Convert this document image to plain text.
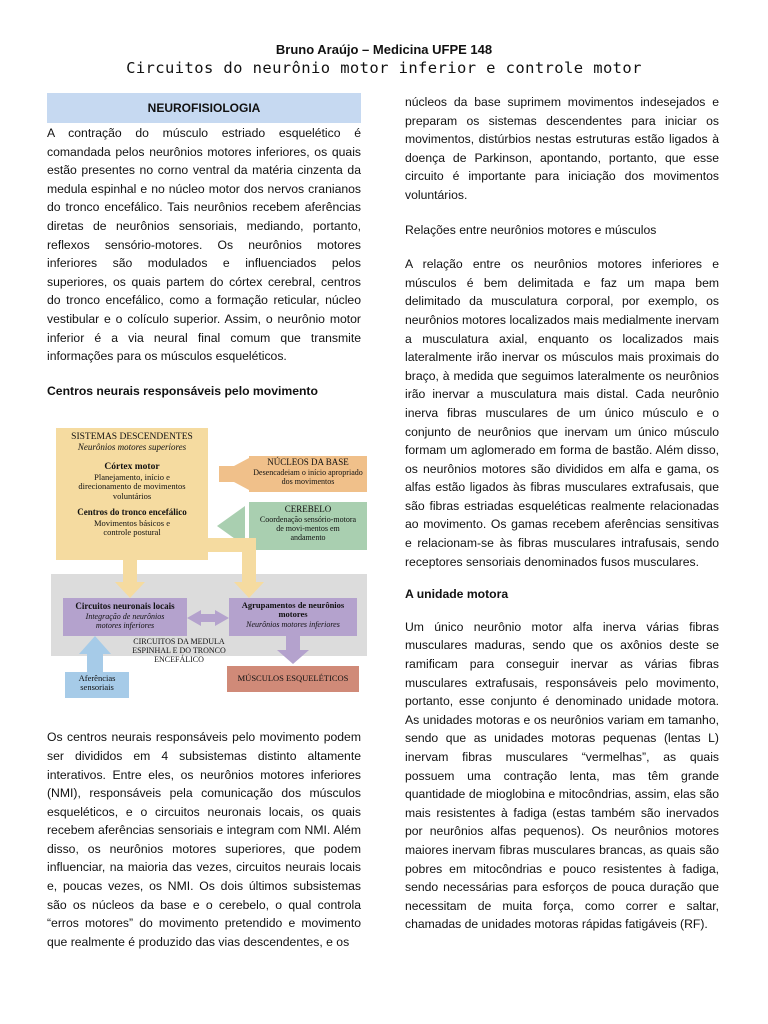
Bruno Araújo – Medicina UFPE 148
Circuitos do neurônio motor inferior e controle motor
NEUROFISIOLOGIA

A contração do músculo estriado esquelético é comandada pelos neurônios motores inferiores, os quais estão presentes no corno ventral da matéria cinzenta da medula espinhal e no núcleo motor dos nervos cranianos do tronco encefálico. Tais neurônios recebem aferências diretas de neurônios sensoriais, mediando, portanto, reflexos sensório-motores. Os neurônios motores inferiores são modulados e influenciados pelos superiores, os quais partem do córtex cerebral, centros do tronco encefálico, como a formação reticular, núcleo vestibular e o colículo superior. Assim, o neurônio motor inferior é a via neural final comum que transmite informações para os músculos esqueléticos.

Centros neurais responsáveis pelo movimento

SISTEMAS DESCENDENTES
Neurônios motores superiores
Córtex motor
Planejamento, início e direcionamento de movimentos voluntários
Centros do tronco encefálico
Movimentos básicos e controle postural
NÚCLEOS DA BASE
Desencadeiam o início apropriado dos movimentos
CEREBELO
Coordenação sensório-motora de movi-mentos em andamento
Circuitos neuronais locais
Integração de neurônios motores inferiores
Agrupamentos de neurônios motores
Neurônios motores inferiores
CIRCUITOS DA MEDULA ESPINHAL E DO TRONCO ENCEFÁLICO
Aferências sensoriais
MÚSCULOS ESQUELÉTICOS

Os centros neurais responsáveis pelo movimento podem ser divididos em 4 subsistemas distinto altamente interativos. Entre eles, os neurônios motores inferiores (NMI), responsáveis pela comunicação dos músculos esqueléticos, e o circuitos neuronais locais, os quais recebem aferências sensoriais e integram com NMI. Além disso, os neurônios motores superiores, que podem influenciar, na maioria das vezes, circuitos neurais locais e, poucas vezes, os NMI. Os dois últimos subsistemas são os núcleos da base e o cerebelo, o qual controla “erros motores” do movimento pretendido e movimento que realmente é produzido das vias descendentes, e os

núcleos da base suprimem movimentos indesejados e preparam os sistemas descendentes para iniciar os movimentos, distúrbios nestas estruturas estão ligados à doença de Parkinson, apontando, portanto, que esse circuito é importante para iniciação dos movimentos voluntários.

Relações entre neurônios motores e músculos

A relação entre os neurônios motores inferiores e músculos é bem delimitada e faz um mapa bem delimitado da musculatura corporal, por exemplo, os neurônios motores localizados mais medialmente inervam a musculatura axial, enquanto os localizados mais lateralmente irão inervar os músculos mais proximais do braço, à medida que seguimos lateralmente os neurônios irão inervar a musculatura mais distal. Cada neurônio inerva fibras musculares de um único músculo e o conjunto de neurônios que inervam um único músculo formam um aglomerado em forma de bastão. Além disso, os neurônios motores são divididos em alfa e gama, os alfas estão ligados às fibras musculares extrafusais, que são fibras estriadas esqueléticas realmente relacionadas ao movimento. Os gamas recebem aferências sensitivas e relacionam-se às fibras musculares intrafusais, sendo receptores sensoriais denominados fusos musculares.

A unidade motora

Um único neurônio motor alfa inerva várias fibras musculares maduras, sendo que os axônios deste se ramificam para conseguir inervar as várias fibras musculares extrafusais, responsáveis pelo movimento, portanto, esse conjunto é denominado unidade motora. As unidades motoras e os neurônios variam em tamanho, sendo que as unidades motoras pequenas (lentas L) inervam fibras musculares “vermelhas”, as quais possuem uma contração lenta, mas têm grande quantidade de mioglobina e mitocôndrias, assim, elas são mais resistentes à fadiga (estas também são inervados por neurônios alfas pequenos). Os neurônios motores maiores inervam fibras musculares brancas, as quais são pobres em mitocôndrias e pouco resistentes à fadiga, sendo necessárias para esforços de pouca duração que necessitam de muita força, como correr e saltar, chamadas de unidades motoras rápidas fatigáveis (RF).
